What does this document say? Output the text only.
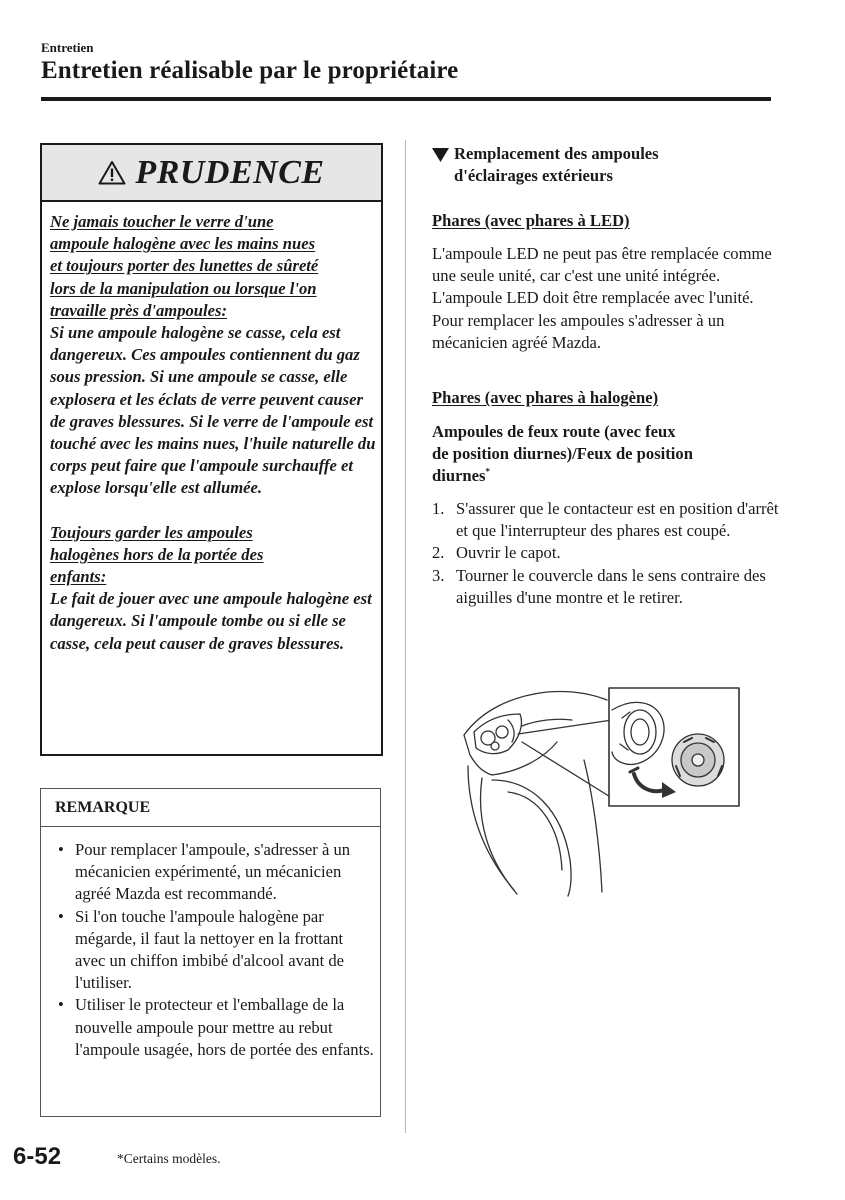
Entretien
Entretien réalisable par le propriétaire
PRUDENCE
Ne jamais toucher le verre d'une
ampoule halogène avec les mains nues
et toujours porter des lunettes de sûreté
lors de la manipulation ou lorsque l'on
travaille près d'ampoules:

Si une ampoule halogène se casse, cela est dangereux. Ces ampoules contiennent du gaz sous pression. Si une ampoule se casse, elle explosera et les éclats de verre peuvent causer de graves blessures. Si le verre de l'ampoule est touché avec les mains nues, l'huile naturelle du corps peut faire que l'ampoule surchauffe et explose lorsqu'elle est allumée.

Toujours garder les ampoules
halogènes hors de la portée des
enfants:

Le fait de jouer avec une ampoule halogène est dangereux. Si l'ampoule tombe ou si elle se casse, cela peut causer de graves blessures.

REMARQUE
• Pour remplacer l'ampoule, s'adresser à un mécanicien expérimenté, un mécanicien agréé Mazda est recommandé.
• Si l'on touche l'ampoule halogène par mégarde, il faut la nettoyer en la frottant avec un chiffon imbibé d'alcool avant de l'utiliser.
• Utiliser le protecteur et l'emballage de la nouvelle ampoule pour mettre au rebut l'ampoule usagée, hors de portée des enfants.
Remplacement des ampoules
d'éclairages extérieurs
Phares (avec phares à LED)
L'ampoule LED ne peut pas être remplacée comme une seule unité, car c'est une unité intégrée. L'ampoule LED doit être remplacée avec l'unité. Pour remplacer les ampoules s'adresser à un mécanicien agréé Mazda.
Phares (avec phares à halogène)
Ampoules de feux route (avec feux
de position diurnes)/Feux de position
diurnes*
1. S'assurer que le contacteur est en position d'arrêt et que l'interrupteur des phares est coupé.
2. Ouvrir le capot.
3. Tourner le couvercle dans le sens contraire des aiguilles d'une montre et le retirer.
6-52	*Certains modèles.
